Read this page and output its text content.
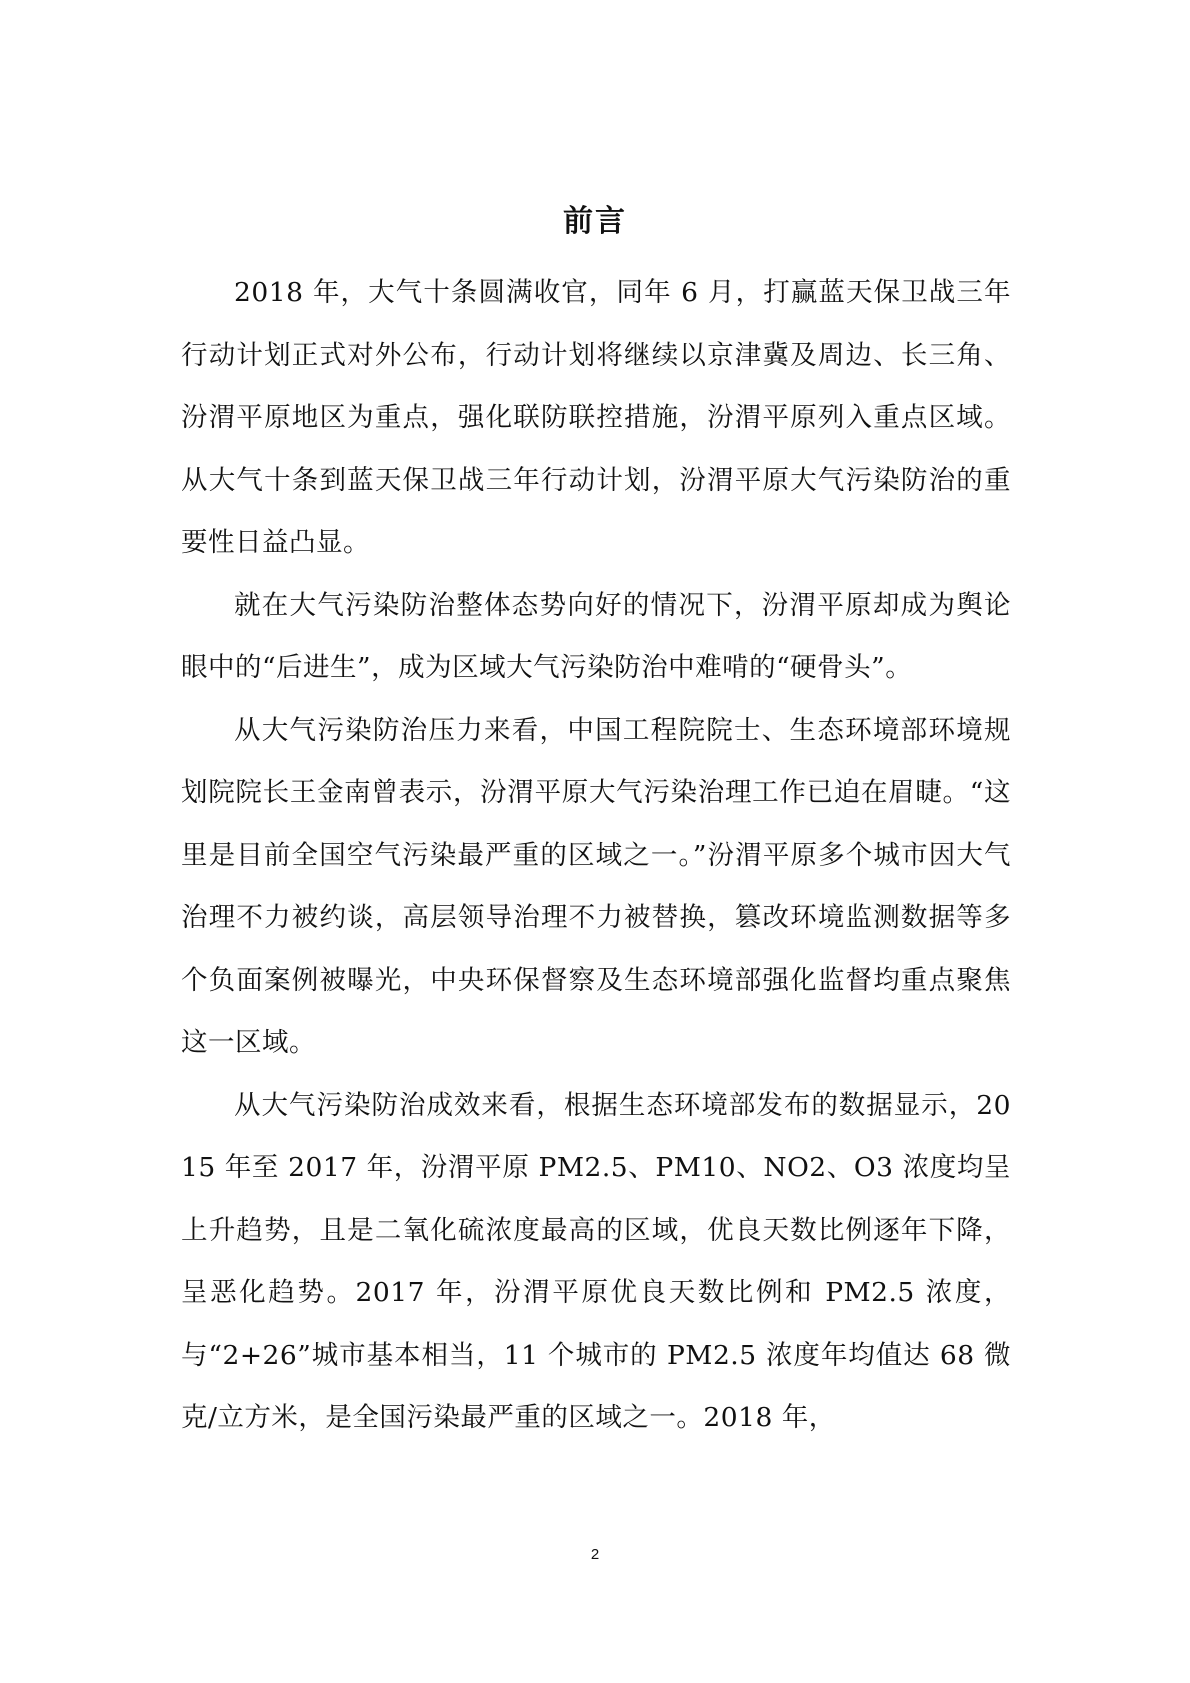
前言

2018 年，大气十条圆满收官，同年 6 月，打赢蓝天保卫战三年行动计划正式对外公布，行动计划将继续以京津冀及周边、长三角、汾渭平原地区为重点，强化联防联控措施，汾渭平原列入重点区域。从大气十条到蓝天保卫战三年行动计划，汾渭平原大气污染防治的重要性日益凸显。

就在大气污染防治整体态势向好的情况下，汾渭平原却成为舆论眼中的“后进生”，成为区域大气污染防治中难啃的“硬骨头”。

从大气污染防治压力来看，中国工程院院士、生态环境部环境规划院院长王金南曾表示，汾渭平原大气污染治理工作已迫在眉睫。“这里是目前全国空气污染最严重的区域之一。”汾渭平原多个城市因大气治理不力被约谈，高层领导治理不力被替换，篡改环境监测数据等多个负面案例被曝光，中央环保督察及生态环境部强化监督均重点聚焦这一区域。

从大气污染防治成效来看，根据生态环境部发布的数据显示，2015 年至 2017 年，汾渭平原 PM2.5、PM10、NO2、O3 浓度均呈上升趋势，且是二氧化硫浓度最高的区域，优良天数比例逐年下降，呈恶化趋势。2017 年，汾渭平原优良天数比例和 PM2.5 浓度，与“2+26”城市基本相当，11 个城市的 PM2.5 浓度年均值达 68 微克/立方米，是全国污染最严重的区域之一。2018 年，

2
